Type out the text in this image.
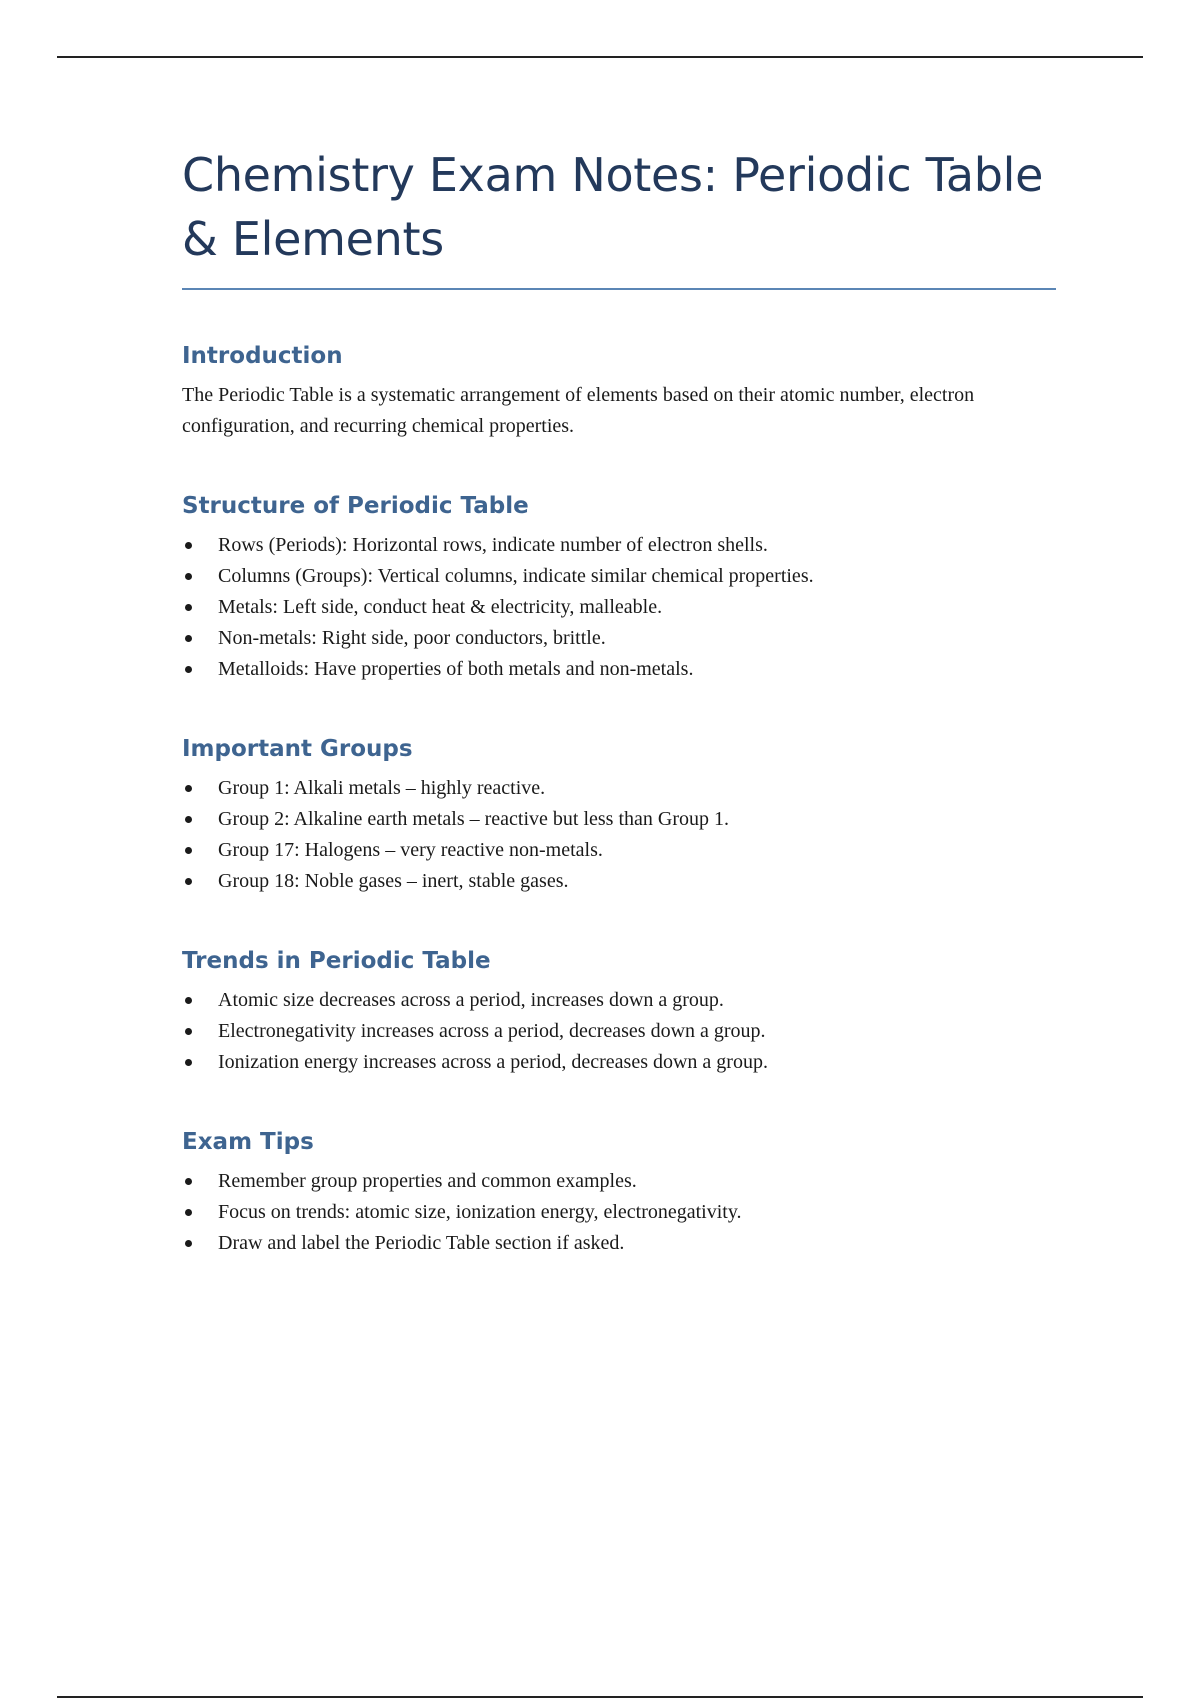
Chemistry Exam Notes: Periodic Table & Elements
Introduction

The Periodic Table is a systematic arrangement of elements based on their atomic number, electron configuration, and recurring chemical properties.

Structure of Periodic Table
Rows (Periods): Horizontal rows, indicate number of electron shells.
Columns (Groups): Vertical columns, indicate similar chemical properties.
Metals: Left side, conduct heat & electricity, malleable.
Non-metals: Right side, poor conductors, brittle.
Metalloids: Have properties of both metals and non-metals.
Important Groups
Group 1: Alkali metals – highly reactive.
Group 2: Alkaline earth metals – reactive but less than Group 1.
Group 17: Halogens – very reactive non-metals.
Group 18: Noble gases – inert, stable gases.
Trends in Periodic Table
Atomic size decreases across a period, increases down a group.
Electronegativity increases across a period, decreases down a group.
Ionization energy increases across a period, decreases down a group.
Exam Tips
Remember group properties and common examples.
Focus on trends: atomic size, ionization energy, electronegativity.
Draw and label the Periodic Table section if asked.
